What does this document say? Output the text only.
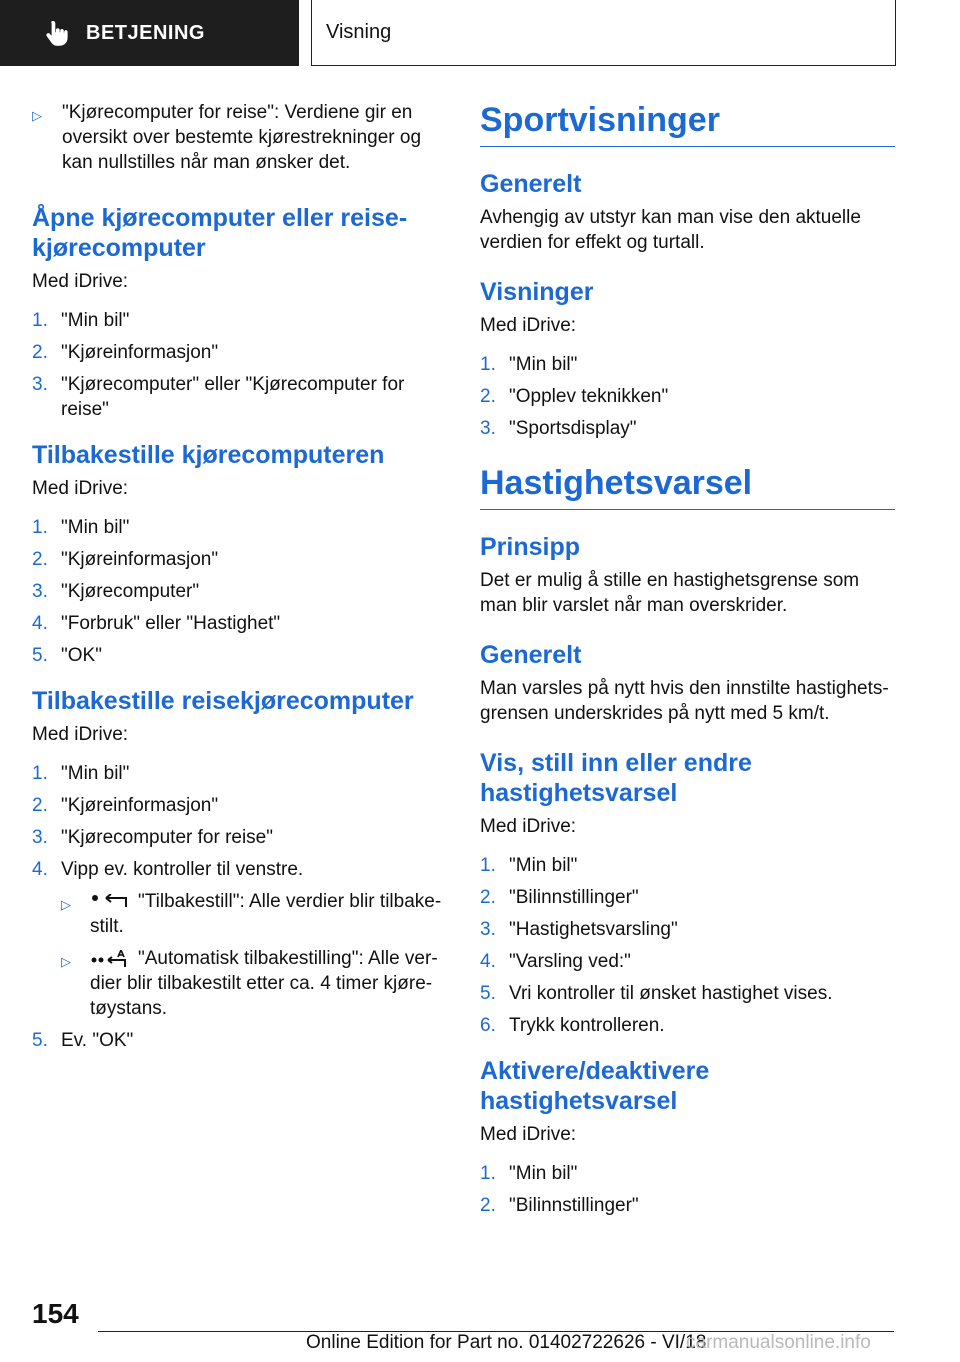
BETJENING	Visning
▷ "Kjørecomputer for reise": Verdiene gir en oversikt over bestemte kjørestrekninger og kan nullstilles når man ønsker det.
Åpne kjørecomputer eller reisekjørecomputer
Med iDrive:
1. "Min bil"
2. "Kjøreinformasjon"
3. "Kjørecomputer" eller "Kjørecomputer for reise"
Tilbakestille kjørecomputeren
Med iDrive:
1. "Min bil"
2. "Kjøreinformasjon"
3. "Kjørecomputer"
4. "Forbruk" eller "Hastighet"
5. "OK"
Tilbakestille reisekjørecomputer
Med iDrive:
1. "Min bil"
2. "Kjøreinformasjon"
3. "Kjørecomputer for reise"
4. Vipp ev. kontroller til venstre.
▷	"Tilbakestill": Alle verdier blir tilbakestilt.
▷	"Automatisk tilbakestilling": Alle verdier blir tilbakestilt etter ca. 4 timer kjøretøystans.
5. Ev. "OK"
Sportvisninger
Generelt
Avhengig av utstyr kan man vise den aktuelle verdien for effekt og turtall.
Visninger
Med iDrive:
1. "Min bil"
2. "Opplev teknikken"
3. "Sportsdisplay"
Hastighetsvarsel
Prinsipp
Det er mulig å stille en hastighetsgrense som man blir varslet når man overskrider.
Generelt
Man varsles på nytt hvis den innstilte hastighetsgrensen underskrides på nytt med 5 km/t.
Vis, still inn eller endre hastighetsvarsel
Med iDrive:
1. "Min bil"
2. "Bilinnstillinger"
3. "Hastighetsvarsling"
4. "Varsling ved:"
5. Vri kontroller til ønsket hastighet vises.
6. Trykk kontrolleren.
Aktivere/deaktivere hastighetsvarsel
Med iDrive:
1. "Min bil"
2. "Bilinnstillinger"
154
Online Edition for Part no. 01402722626 - VI/18
carmanualsonline.info
